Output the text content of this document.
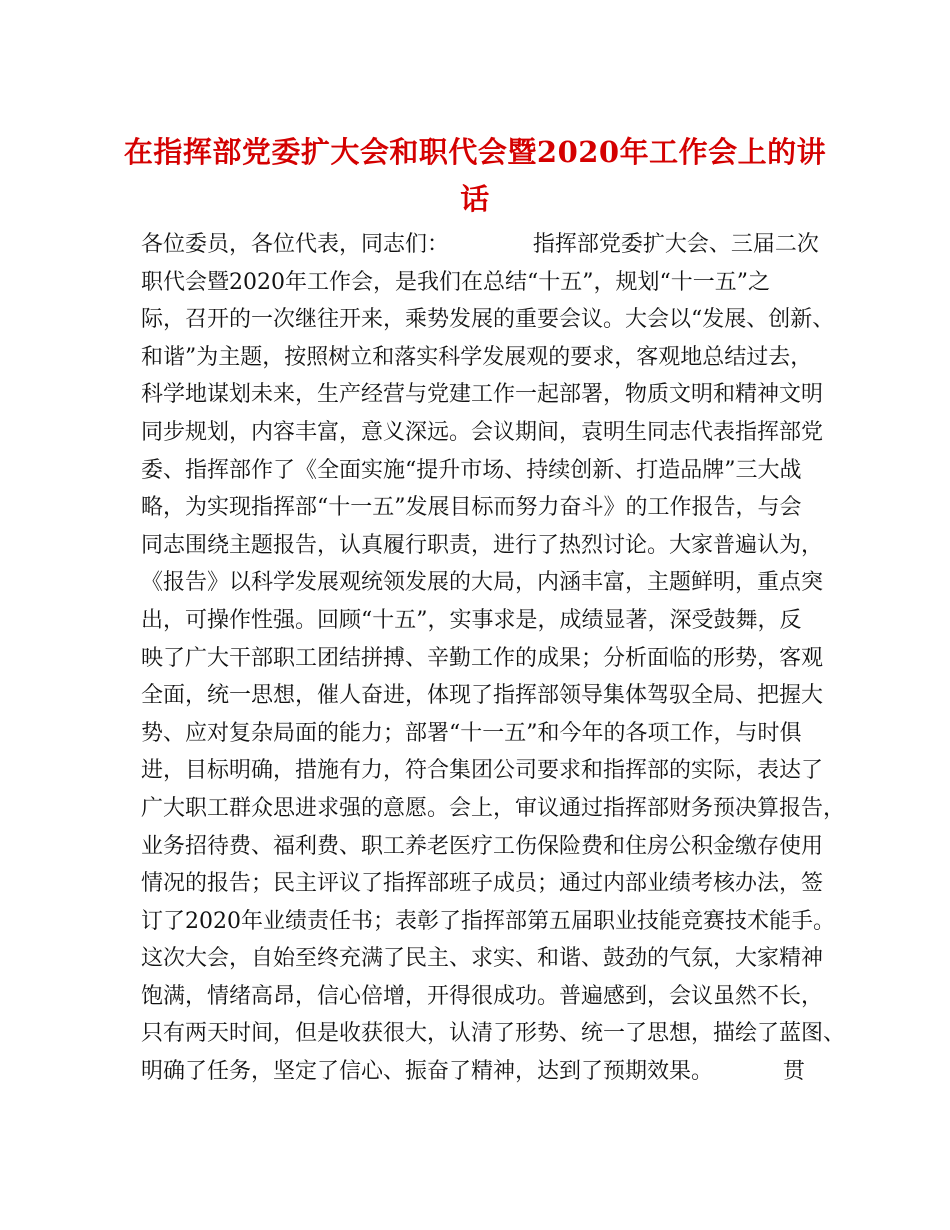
在指挥部党委扩大会和职代会暨2020年工作会上的讲
话
各位委员，各位代表，同志们：            指挥部党委扩大会、三届二次
职代会暨2020年工作会，是我们在总结“十五”，规划“十一五”之
际，召开的一次继往开来，乘势发展的重要会议。大会以“发展、创新、
和谐”为主题，按照树立和落实科学发展观的要求，客观地总结过去，
科学地谋划未来，生产经营与党建工作一起部署，物质文明和精神文明
同步规划，内容丰富，意义深远。会议期间，袁明生同志代表指挥部党
委、指挥部作了《全面实施“提升市场、持续创新、打造品牌”三大战
略，为实现指挥部“十一五”发展目标而努力奋斗》的工作报告，与会
同志围绕主题报告，认真履行职责，进行了热烈讨论。大家普遍认为，
《报告》以科学发展观统领发展的大局，内涵丰富，主题鲜明，重点突
出，可操作性强。回顾“十五”，实事求是，成绩显著，深受鼓舞，反
映了广大干部职工团结拼搏、辛勤工作的成果；分析面临的形势，客观
全面，统一思想，催人奋进，体现了指挥部领导集体驾驭全局、把握大
势、应对复杂局面的能力；部署“十一五”和今年的各项工作，与时俱
进，目标明确，措施有力，符合集团公司要求和指挥部的实际，表达了
广大职工群众思进求强的意愿。会上，审议通过指挥部财务预决算报告，
业务招待费、福利费、职工养老医疗工伤保险费和住房公积金缴存使用
情况的报告；民主评议了指挥部班子成员；通过内部业绩考核办法，签
订了2020年业绩责任书；表彰了指挥部第五届职业技能竞赛技术能手。
这次大会，自始至终充满了民主、求实、和谐、鼓劲的气氛，大家精神
饱满，情绪高昂，信心倍增，开得很成功。普遍感到，会议虽然不长，
只有两天时间，但是收获很大，认清了形势、统一了思想，描绘了蓝图、
明确了任务，坚定了信心、振奋了精神，达到了预期效果。          贯
